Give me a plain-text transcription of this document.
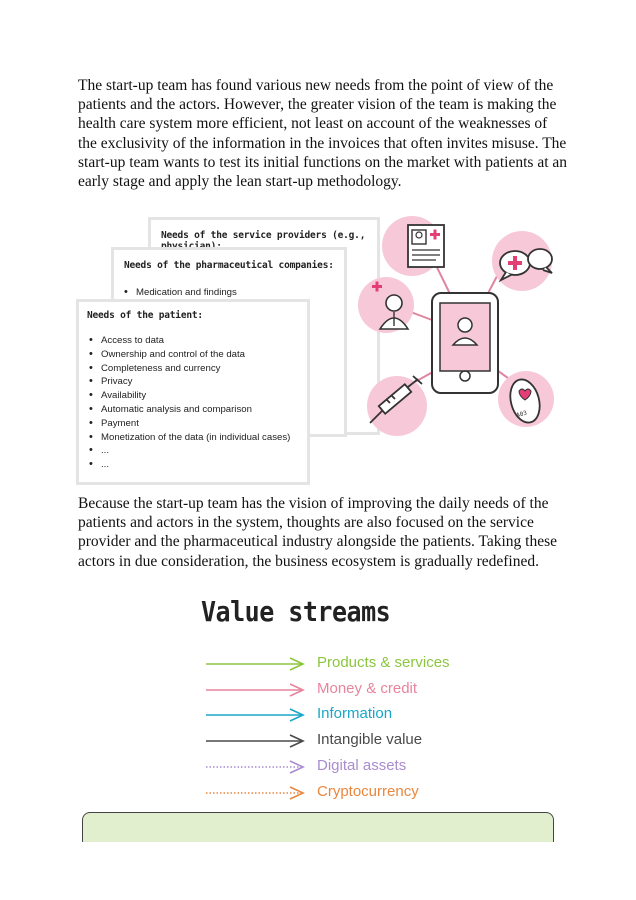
The start-up team has found various new needs from the point of view of the patients and the actors. However, the greater vision of the team is making the health care system more efficient, not least on account of the weaknesses of the exclusivity of the information in the invoices that often invites misuse. The start-up team wants to test its initial functions on the market with patients at an early stage and apply the lean start-up methodology.

Needs of the service providers (e.g.,
Needs of the pharmaceutical companies:
• Medication and findings
Needs of the patient:
• Access to data
• Ownership and control of the data
• Completeness and currency
• Privacy
• Availability
• Automatic analysis and comparison
• Payment
• Monetization of the data (in individual cases)
• ...
• ...
A03

Because the start-up team has the vision of improving the daily needs of the patients and actors in the system, thoughts are also focused on the service provider and the pharmaceutical industry alongside the patients. Taking these actors in due consideration, the business ecosystem is gradually redefined.

Value streams
Products & services
Money & credit
Information
Intangible value
Digital assets
Cryptocurrency
